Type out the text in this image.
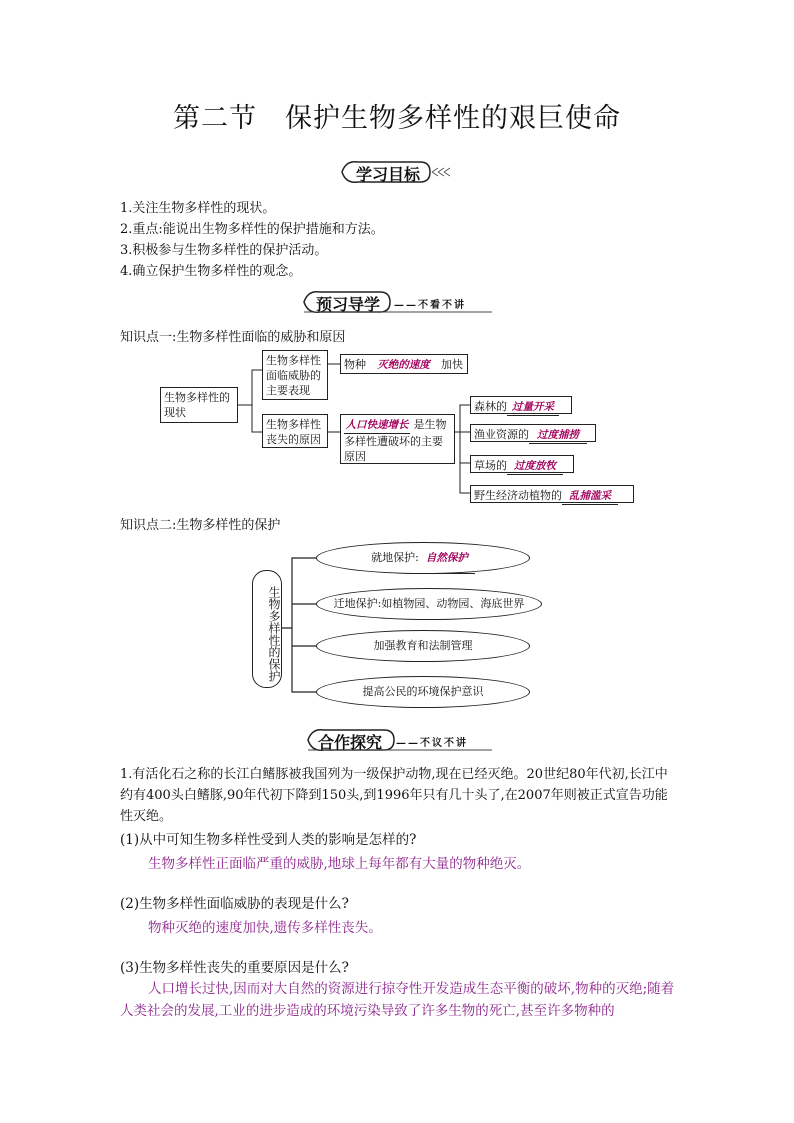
第二节　保护生物多样性的艰巨使命
学习目标
1.关注生物多样性的现状。
2.重点:能说出生物多样性的保护措施和方法。
3.积极参与生物多样性的保护活动。
4.确立保护生物多样性的观念。
预习导学 ——不看不讲
知识点一:生物多样性面临的威胁和原因
生物多样性的现状
生物多样性面临威胁的主要表现
物种 灭绝的速度 加快
生物多样性丧失的原因
人口快速增长 是生物多样性遭破坏的主要原因
森林的 过量开采
渔业资源的 过度捕捞
草场的 过度放牧
野生经济动植物的 乱捕滥采
知识点二:生物多样性的保护
生物多样性的保护
就地保护: 自然保护
迁地保护:如植物园、动物园、海底世界
加强教育和法制管理
提高公民的环境保护意识
合作探究 ——不议不讲
1.有活化石之称的长江白鳍豚被我国列为一级保护动物,现在已经灭绝。20世纪80年代初,长江中约有400头白鳍豚,90年代初下降到150头,到1996年只有几十头了,在2007年则被正式宣告功能性灭绝。
(1)从中可知生物多样性受到人类的影响是怎样的?
生物多样性正面临严重的威胁,地球上每年都有大量的物种绝灭。
(2)生物多样性面临威胁的表现是什么?
物种灭绝的速度加快,遗传多样性丧失。
(3)生物多样性丧失的重要原因是什么?
人口增长过快,因而对大自然的资源进行掠夺性开发造成生态平衡的破坏,物种的灭绝;随着人类社会的发展,工业的进步造成的环境污染导致了许多生物的死亡,甚至许多物种的
